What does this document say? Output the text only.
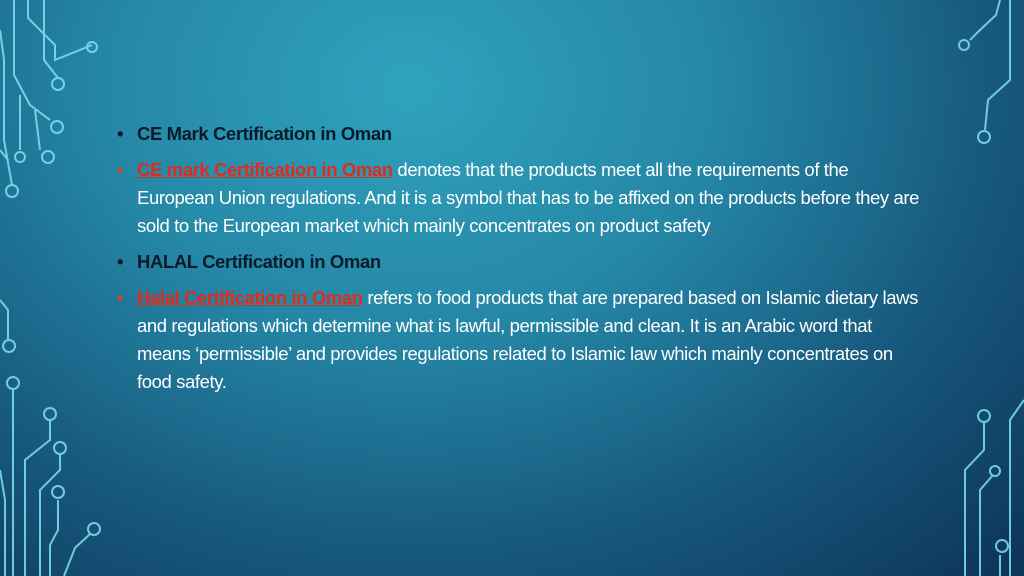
• CE Mark Certification in Oman
• CE mark Certification in Oman denotes that the products meet all the requirements of the European Union regulations. And it is a symbol that has to be affixed on the products before they are sold to the European market which mainly concentrates on product safety.
• HALAL Certification in Oman
• Halal Certification in Oman refers to food products that are prepared based on Islamic dietary laws and regulations which determine what is lawful, permissible and clean. It is an Arabic word that means ‘permissible’ and provides regulations related to Islamic law which mainly concentrates on food safety.
